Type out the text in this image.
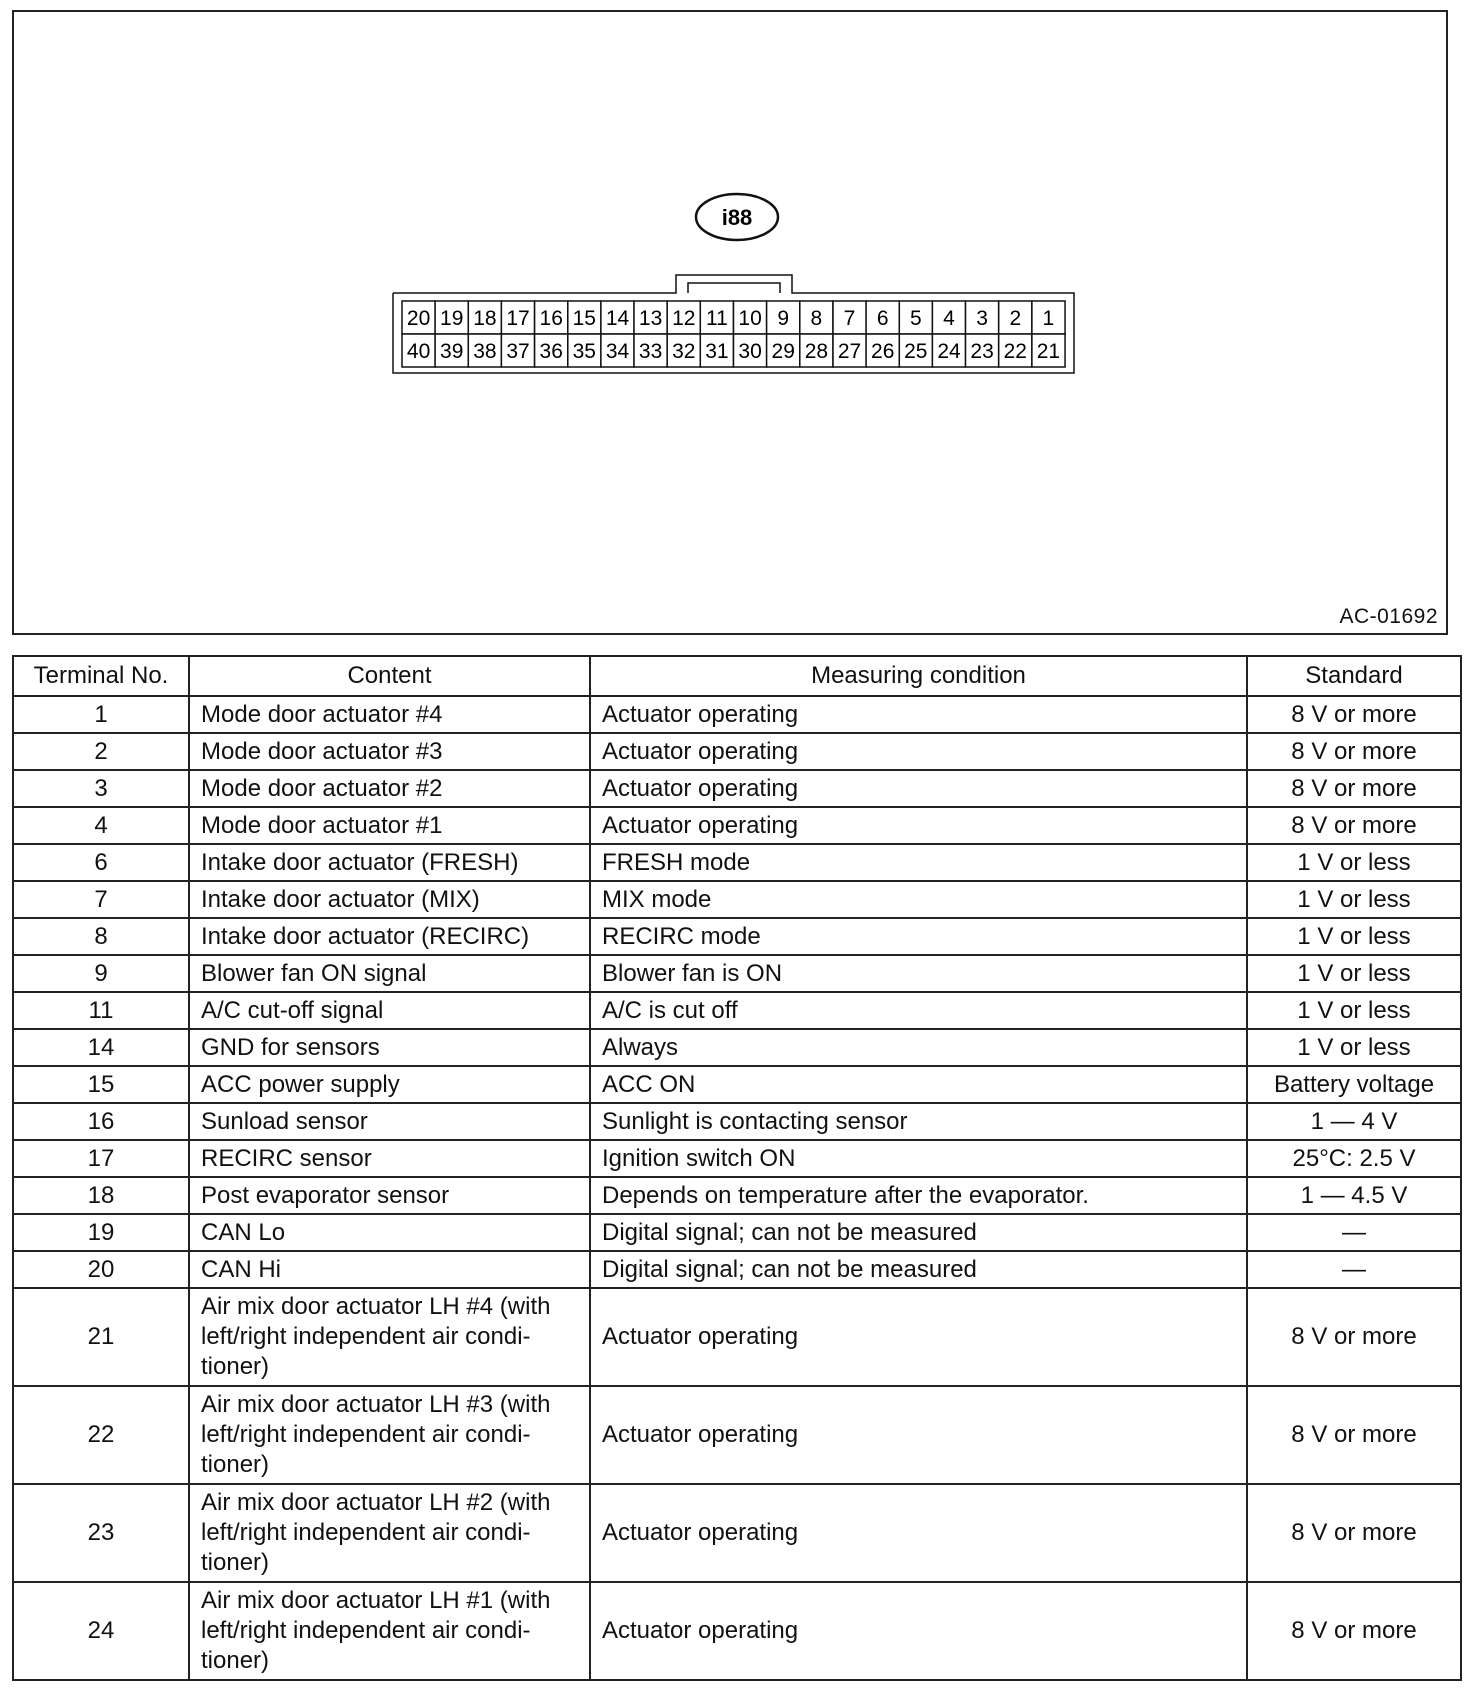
i88
20 19 18 17 16 15 14 13 12 11 10 9 8 7 6 5 4 3 2 1
40 39 38 37 36 35 34 33 32 31 30 29 28 27 26 25 24 23 22 21
AC-01692
Terminal No.	Content	Measuring condition	Standard
1	Mode door actuator #4	Actuator operating	8 V or more
2	Mode door actuator #3	Actuator operating	8 V or more
3	Mode door actuator #2	Actuator operating	8 V or more
4	Mode door actuator #1	Actuator operating	8 V or more
6	Intake door actuator (FRESH)	FRESH mode	1 V or less
7	Intake door actuator (MIX)	MIX mode	1 V or less
8	Intake door actuator (RECIRC)	RECIRC mode	1 V or less
9	Blower fan ON signal	Blower fan is ON	1 V or less
11	A/C cut-off signal	A/C is cut off	1 V or less
14	GND for sensors	Always	1 V or less
15	ACC power supply	ACC ON	Battery voltage
16	Sunload sensor	Sunlight is contacting sensor	1 — 4 V
17	RECIRC sensor	Ignition switch ON	25°C: 2.5 V
18	Post evaporator sensor	Depends on temperature after the evaporator.	1 — 4.5 V
19	CAN Lo	Digital signal; can not be measured	—
20	CAN Hi	Digital signal; can not be measured	—
21	Air mix door actuator LH #4 (with left/right independent air condi-tioner)	Actuator operating	8 V or more
22	Air mix door actuator LH #3 (with left/right independent air condi-tioner)	Actuator operating	8 V or more
23	Air mix door actuator LH #2 (with left/right independent air condi-tioner)	Actuator operating	8 V or more
24	Air mix door actuator LH #1 (with left/right independent air condi-tioner)	Actuator operating	8 V or more
